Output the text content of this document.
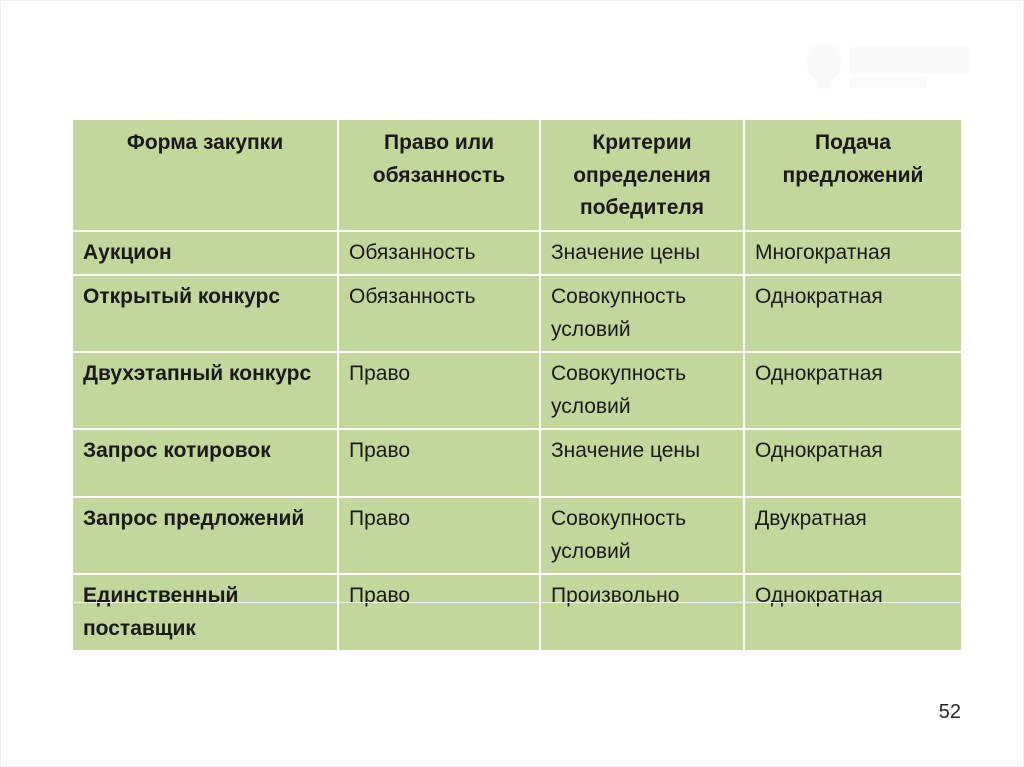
Форма закупки	Право или обязанность	Критерии определения победителя	Подача предложений
Аукцион	Обязанность	Значение цены	Многократная
Открытый конкурс	Обязанность	Совокупность условий	Однократная
Двухэтапный конкурс	Право	Совокупность условий	Однократная
Запрос котировок	Право	Значение цены	Однократная
Запрос предложений	Право	Совокупность условий	Двукратная
Единственный поставщик	Право	Произвольно	Однократная
52
